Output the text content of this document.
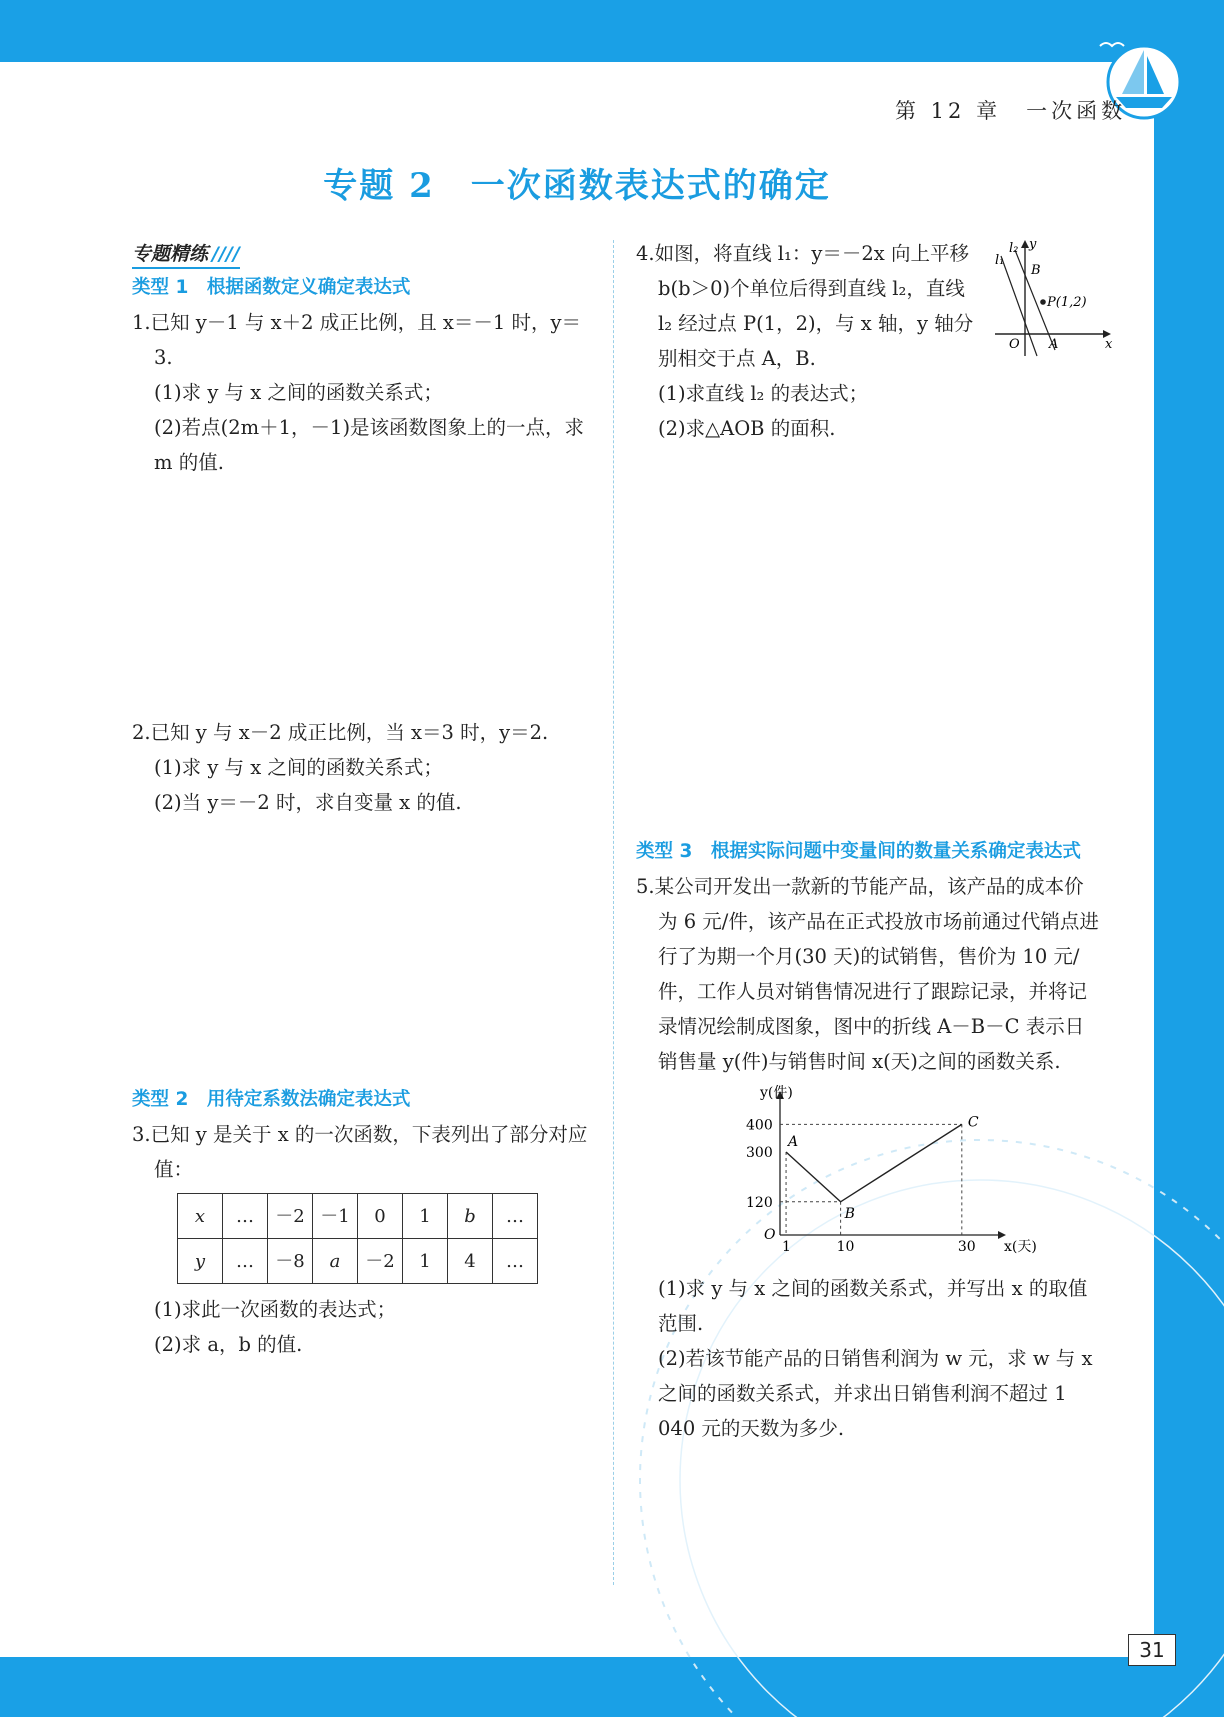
第 12 章　一次函数
专题 2　一次函数表达式的确定
专题精练 ////
类型 1　根据函数定义确定表达式
1.已知 y－1 与 x＋2 成正比例，且 x＝－1 时，y＝3.
(1)求 y 与 x 之间的函数关系式；
(2)若点(2m＋1，－1)是该函数图象上的一点，求 m 的值.
2.已知 y 与 x－2 成正比例，当 x＝3 时，y＝2.
(1)求 y 与 x 之间的函数关系式；
(2)当 y＝－2 时，求自变量 x 的值.
类型 2　用待定系数法确定表达式
3.已知 y 是关于 x 的一次函数，下表列出了部分对应值：
x	…	－2	－1	0	1	b	…
y	…	－8	a	－2	1	4	…
(1)求此一次函数的表达式；
(2)求 a，b 的值.
l₁
l₂ y
x
B
P(1,2)
O A
4.如图，将直线 l₁：y＝－2x 向上平移 b(b＞0)个单位后得到直线 l₂，直线 l₂ 经过点 P(1，2)，与 x 轴，y 轴分别相交于点 A，B.
(1)求直线 l₂ 的表达式；
(2)求△AOB 的面积.
类型 3　根据实际问题中变量间的数量关系确定表达式
5.某公司开发出一款新的节能产品，该产品的成本价为 6 元/件，该产品在正式投放市场前通过代销点进行了为期一个月(30 天)的试销售，售价为 10 元/件，工作人员对销售情况进行了跟踪记录，并将记录情况绘制成图象，图中的折线 A－B－C 表示日销售量 y(件)与销售时间 x(天)之间的函数关系.
x(天)
y(件)
O
A
B
C
1	10	30
120
300
400
(1)求 y 与 x 之间的函数关系式，并写出 x 的取值范围.
(2)若该节能产品的日销售利润为 w 元，求 w 与 x 之间的函数关系式，并求出日销售利润不超过 1 040 元的天数为多少.
31
